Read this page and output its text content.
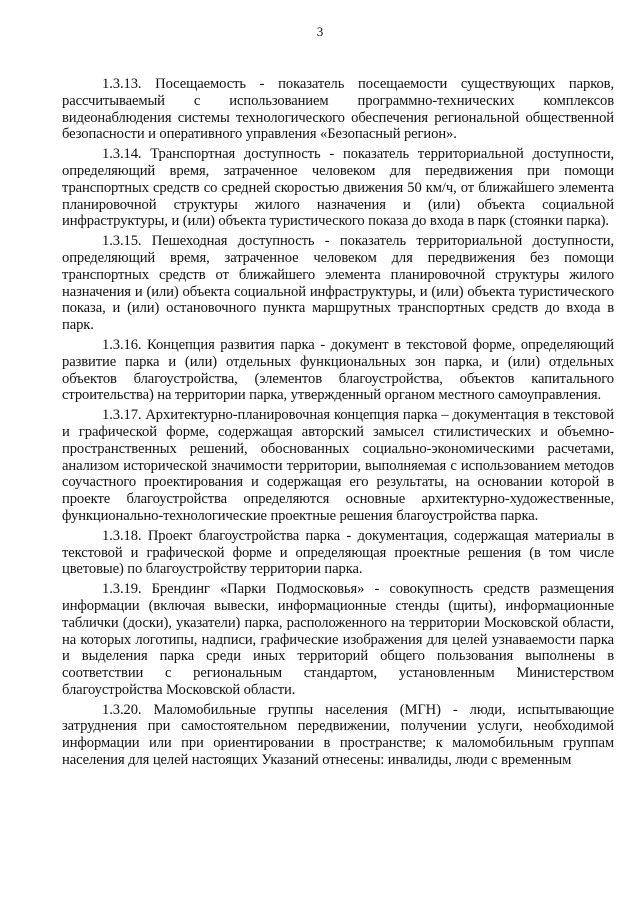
3

1.3.13. Посещаемость - показатель посещаемости существующих парков, рассчитываемый с использованием программно-технических комплексов видеонаблюдения системы технологического обеспечения региональной общественной безопасности и оперативного управления «Безопасный регион».

1.3.14. Транспортная доступность - показатель территориальной доступности, определяющий время, затраченное человеком для передвижения при помощи транспортных средств со средней скоростью движения 50 км/ч, от ближайшего элемента планировочной структуры жилого назначения и (или) объекта социальной инфраструктуры, и (или) объекта туристического показа до входа в парк (стоянки парка).

1.3.15. Пешеходная доступность - показатель территориальной доступности, определяющий время, затраченное человеком для передвижения без помощи транспортных средств от ближайшего элемента планировочной структуры жилого назначения и (или) объекта социальной инфраструктуры, и (или) объекта туристического показа, и (или) остановочного пункта маршрутных транспортных средств до входа в парк.

1.3.16. Концепция развития парка - документ в текстовой форме, определяющий развитие парка и (или) отдельных функциональных зон парка, и (или) отдельных объектов благоустройства, (элементов благоустройства, объектов капитального строительства) на территории парка, утвержденный органом местного самоуправления.

1.3.17. Архитектурно-планировочная концепция парка – документация в текстовой и графической форме, содержащая авторский замысел стилистических и объемно-пространственных решений, обоснованных социально-экономическими расчетами, анализом исторической значимости территории, выполняемая с использованием методов соучастного проектирования и содержащая его результаты, на основании которой в проекте благоустройства определяются основные архитектурно-художественные, функционально-технологические проектные решения благоустройства парка.

1.3.18. Проект благоустройства парка - документация, содержащая материалы в текстовой и графической форме и определяющая проектные решения (в том числе цветовые) по благоустройству территории парка.

1.3.19. Брендинг «Парки Подмосковья» - совокупность средств размещения информации (включая вывески, информационные стенды (щиты), информационные таблички (доски), указатели) парка, расположенного на территории Московской области, на которых логотипы, надписи, графические изображения для целей узнаваемости парка и выделения парка среди иных территорий общего пользования выполнены в соответствии с региональным стандартом, установленным Министерством благоустройства Московской области.

1.3.20. Маломобильные группы населения (МГН) - люди, испытывающие затруднения при самостоятельном передвижении, получении услуги, необходимой информации или при ориентировании в пространстве; к маломобильным группам населения для целей настоящих Указаний отнесены: инвалиды, люди с временным
